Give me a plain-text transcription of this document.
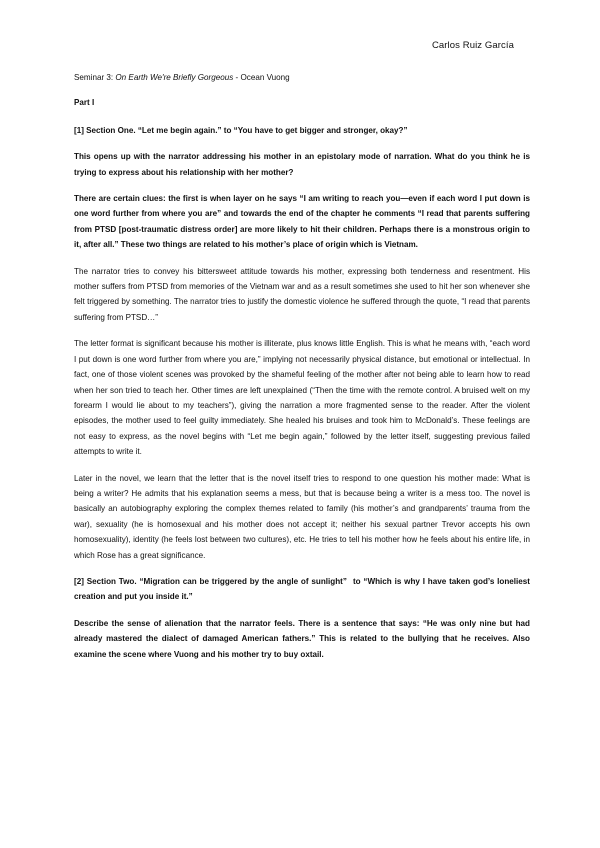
Carlos Ruiz García

Seminar 3: On Earth We're Briefly Gorgeous - Ocean Vuong

Part I

[1] Section One. “Let me begin again.” to “You have to get bigger and stronger, okay?”

This opens up with the narrator addressing his mother in an epistolary mode of narration. What do you think he is trying to express about his relationship with her mother?

There are certain clues: the first is when layer on he says “I am writing to reach you—even if each word I put down is one word further from where you are” and towards the end of the chapter he comments “I read that parents suffering from PTSD [post-traumatic distress order] are more likely to hit their children. Perhaps there is a monstrous origin to it, after all.” These two things are related to his mother’s place of origin which is Vietnam.

The narrator tries to convey his bittersweet attitude towards his mother, expressing both tenderness and resentment. His mother suffers from PTSD from memories of the Vietnam war and as a result sometimes she used to hit her son whenever she felt triggered by something. The narrator tries to justify the domestic violence he suffered through the quote, “I read that parents suffering from PTSD…”

The letter format is significant because his mother is illiterate, plus knows little English. This is what he means with, “each word I put down is one word further from where you are,” implying not necessarily physical distance, but emotional or intellectual. In fact, one of those violent scenes was provoked by the shameful feeling of the mother after not being able to learn how to read when her son tried to teach her. Other times are left unexplained (“Then the time with the remote control. A bruised welt on my forearm I would lie about to my teachers”), giving the narration a more fragmented sense to the reader. After the violent episodes, the mother used to feel guilty immediately. She healed his bruises and took him to McDonald’s. These feelings are not easy to express, as the novel begins with “Let me begin again,” followed by the letter itself, suggesting previous failed attempts to write it.

Later in the novel, we learn that the letter that is the novel itself tries to respond to one question his mother made: What is being a writer? He admits that his explanation seems a mess, but that is because being a writer is a mess too. The novel is basically an autobiography exploring the complex themes related to family (his mother’s and grandparents’ trauma from the war), sexuality (he is homosexual and his mother does not accept it; neither his sexual partner Trevor accepts his own homosexuality), identity (he feels lost between two cultures), etc. He tries to tell his mother how he feels about his entire life, in which Rose has a great significance.

[2] Section Two. “Migration can be triggered by the angle of sunlight” to “Which is why I have taken god’s loneliest creation and put you inside it.”

Describe the sense of alienation that the narrator feels. There is a sentence that says: “He was only nine but had already mastered the dialect of damaged American fathers.” This is related to the bullying that he receives. Also examine the scene where Vuong and his mother try to buy oxtail.
